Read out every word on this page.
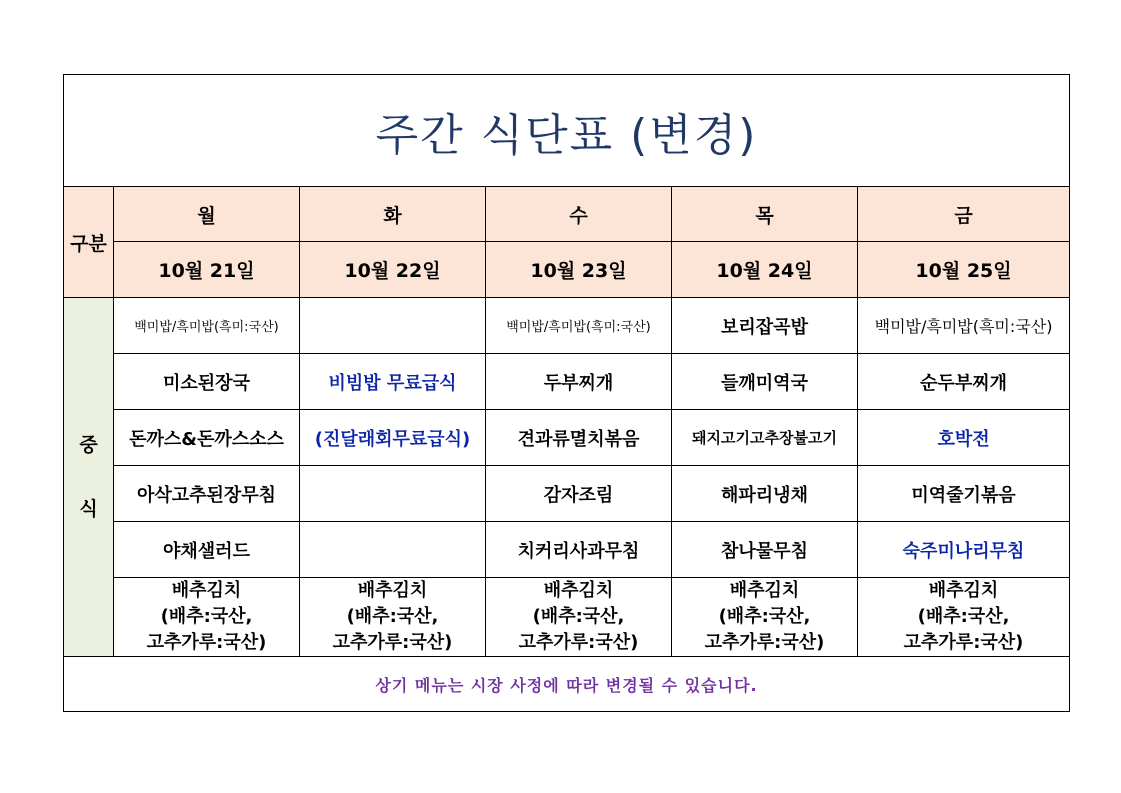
주간 식단표 (변경)					
구분	월	화	수	목	금
	10월 21일	10월 22일	10월 23일	10월 24일	10월 25일
중식	백미밥/흑미밥(흑미:국산)		백미밥/흑미밥(흑미:국산)	보리잡곡밥	백미밥/흑미밥(흑미:국산)
	미소된장국	비빔밥 무료급식	두부찌개	들깨미역국	순두부찌개
	돈까스&돈까스소스	(진달래회무료급식)	견과류멸치볶음	돼지고기고추장불고기	호박전
	아삭고추된장무침		감자조림	해파리냉채	미역줄기볶음
	야채샐러드		치커리사과무침	참나물무침	숙주미나리무침

	배추김치
(배추:국산,
고추가루:국산)	배추김치
(배추:국산,
고추가루:국산)	배추김치
(배추:국산,
고추가루:국산)	배추김치
(배추:국산,
고추가루:국산)	배추김치
(배추:국산,
고추가루:국산)

상기 메뉴는 시장 사정에 따라 변경될 수 있습니다.					
